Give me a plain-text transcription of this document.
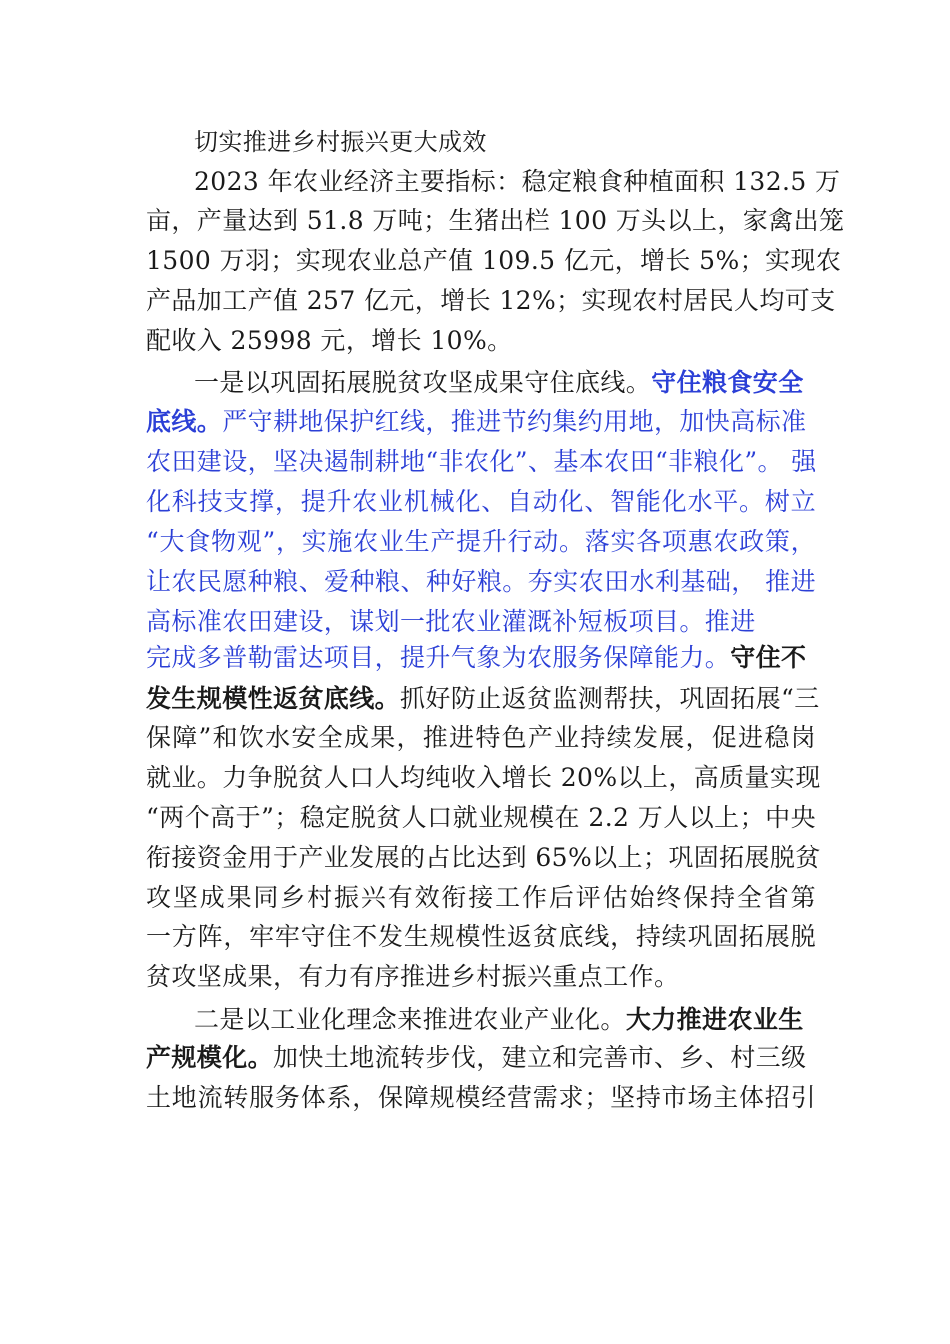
切实推进乡村振兴更大成效
2023 年农业经济主要指标：稳定粮食种植面积 132.5 万
亩，产量达到 51.8 万吨；生猪出栏 100 万头以上，家禽出笼
1500 万羽；实现农业总产值 109.5 亿元，增长 5%；实现农
产品加工产值 257 亿元，增长 12%；实现农村居民人均可支
配收入 25998 元，增长 10%。
一是以巩固拓展脱贫攻坚成果守住底线。守住粮食安全
底线。严守耕地保护红线，推进节约集约用地，加快高标准
农田建设，坚决遏制耕地“非农化”、基本农田“非粮化”。 强
化科技支撑，提升农业机械化、自动化、智能化水平。树立
“大食物观”，实施农业生产提升行动。落实各项惠农政策，
让农民愿种粮、爱种粮、种好粮。夯实农田水利基础， 推进
高标准农田建设，谋划一批农业灌溉补短板项目。推进
完成多普勒雷达项目，提升气象为农服务保障能力。守住不
发生规模性返贫底线。抓好防止返贫监测帮扶，巩固拓展“三
保障”和饮水安全成果，推进特色产业持续发展，促进稳岗
就业。力争脱贫人口人均纯收入增长 20%以上，高质量实现
“两个高于”；稳定脱贫人口就业规模在 2.2 万人以上；中央
衔接资金用于产业发展的占比达到 65%以上；巩固拓展脱贫
攻坚成果同乡村振兴有效衔接工作后评估始终保持全省第
一方阵，牢牢守住不发生规模性返贫底线，持续巩固拓展脱
贫攻坚成果，有力有序推进乡村振兴重点工作。
二是以工业化理念来推进农业产业化。大力推进农业生
产规模化。加快土地流转步伐，建立和完善市、乡、村三级
土地流转服务体系，保障规模经营需求；坚持市场主体招引
